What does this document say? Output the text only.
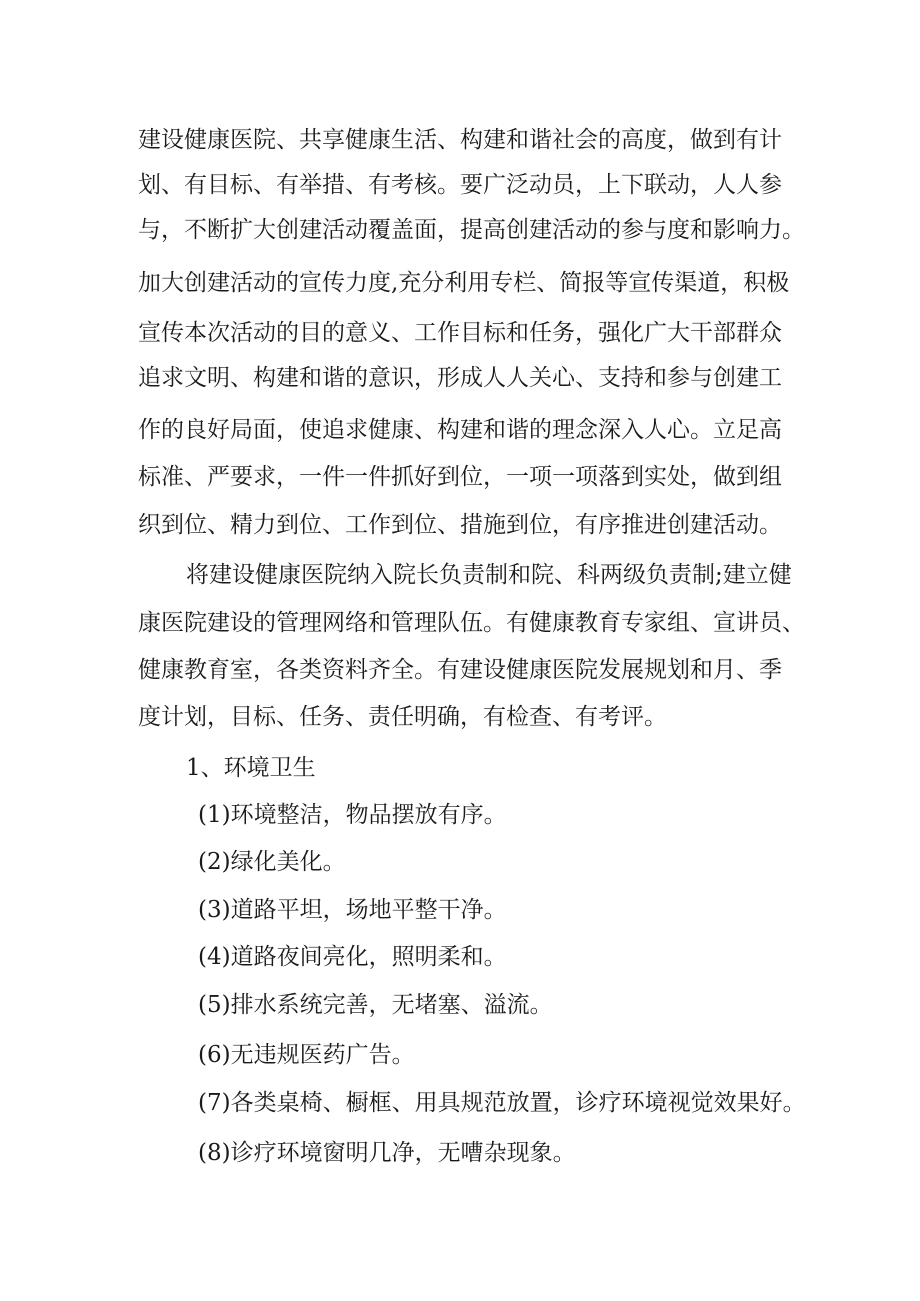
建设健康医院、共享健康生活、构建和谐社会的高度，做到有计
划、有目标、有举措、有考核。要广泛动员，上下联动，人人参
与，不断扩大创建活动覆盖面，提高创建活动的参与度和影响力。
加大创建活动的宣传力度,充分利用专栏、简报等宣传渠道，积极
宣传本次活动的目的意义、工作目标和任务，强化广大干部群众
追求文明、构建和谐的意识，形成人人关心、支持和参与创建工
作的良好局面，使追求健康、构建和谐的理念深入人心。立足高
标准、严要求，一件一件抓好到位，一项一项落到实处，做到组
织到位、精力到位、工作到位、措施到位，有序推进创建活动。
将建设健康医院纳入院长负责制和院、科两级负责制;建立健
康医院建设的管理网络和管理队伍。有健康教育专家组、宣讲员、
健康教育室，各类资料齐全。有建设健康医院发展规划和月、季
度计划，目标、任务、责任明确，有检查、有考评。
1、环境卫生
(1)环境整洁，物品摆放有序。
(2)绿化美化。
(3)道路平坦，场地平整干净。
(4)道路夜间亮化，照明柔和。
(5)排水系统完善，无堵塞、溢流。
(6)无违规医药广告。
(7)各类桌椅、橱框、用具规范放置，诊疗环境视觉效果好。
(8)诊疗环境窗明几净，无嘈杂现象。
